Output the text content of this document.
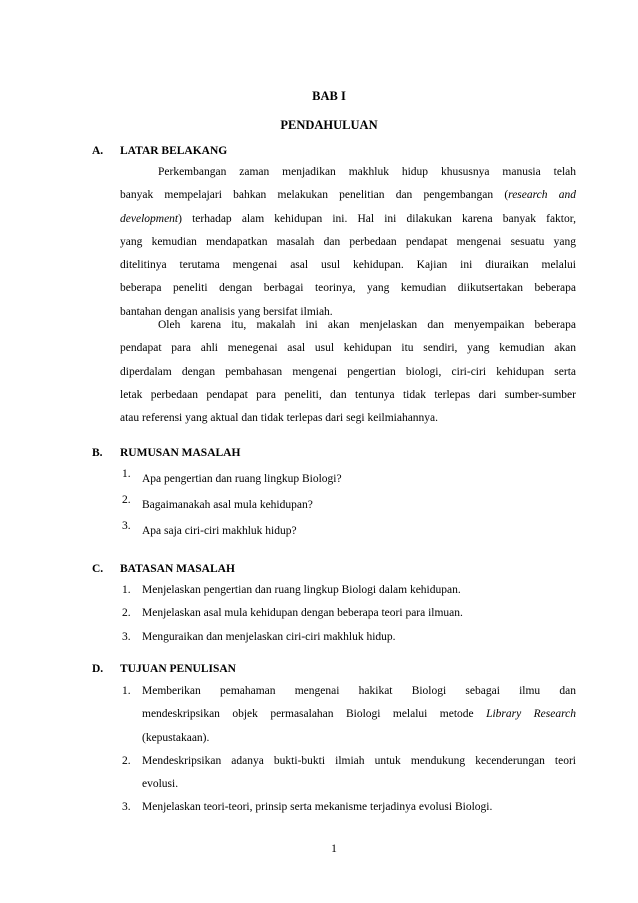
BAB I
PENDAHULUAN
A. LATAR BELAKANG
Perkembangan zaman menjadikan makhluk hidup khususnya manusia telah
banyak mempelajari bahkan melakukan penelitian dan pengembangan (research and
development) terhadap alam kehidupan ini. Hal ini dilakukan karena banyak faktor,
yang kemudian mendapatkan masalah dan perbedaan pendapat mengenai sesuatu yang
ditelitinya terutama mengenai asal usul kehidupan. Kajian ini diuraikan melalui
beberapa peneliti dengan berbagai teorinya, yang kemudian diikutsertakan beberapa
bantahan dengan analisis yang bersifat ilmiah.
Oleh karena itu, makalah ini akan menjelaskan dan menyempaikan beberapa
pendapat para ahli menegenai asal usul kehidupan itu sendiri, yang kemudian akan
diperdalam dengan pembahasan mengenai pengertian biologi, ciri-ciri kehidupan serta
letak perbedaan pendapat para peneliti, dan tentunya tidak terlepas dari sumber-sumber
atau referensi yang aktual dan tidak terlepas dari segi keilmiahannya.
B. RUMUSAN MASALAH
1. Apa pengertian dan ruang lingkup Biologi?
2. Bagaimanakah asal mula kehidupan?
3. Apa saja ciri-ciri makhluk hidup?
C. BATASAN MASALAH
1. Menjelaskan pengertian dan ruang lingkup Biologi dalam kehidupan.
2. Menjelaskan asal mula kehidupan dengan beberapa teori para ilmuan.
3. Menguraikan dan menjelaskan ciri-ciri makhluk hidup.
D. TUJUAN PENULISAN
1. Memberikan pemahaman mengenai hakikat Biologi sebagai ilmu dan
mendeskripsikan objek permasalahan Biologi melalui metode Library Research
(kepustakaan).
2. Mendeskripsikan adanya bukti-bukti ilmiah untuk mendukung kecenderungan teori
evolusi.
3. Menjelaskan teori-teori, prinsip serta mekanisme terjadinya evolusi Biologi.
1
